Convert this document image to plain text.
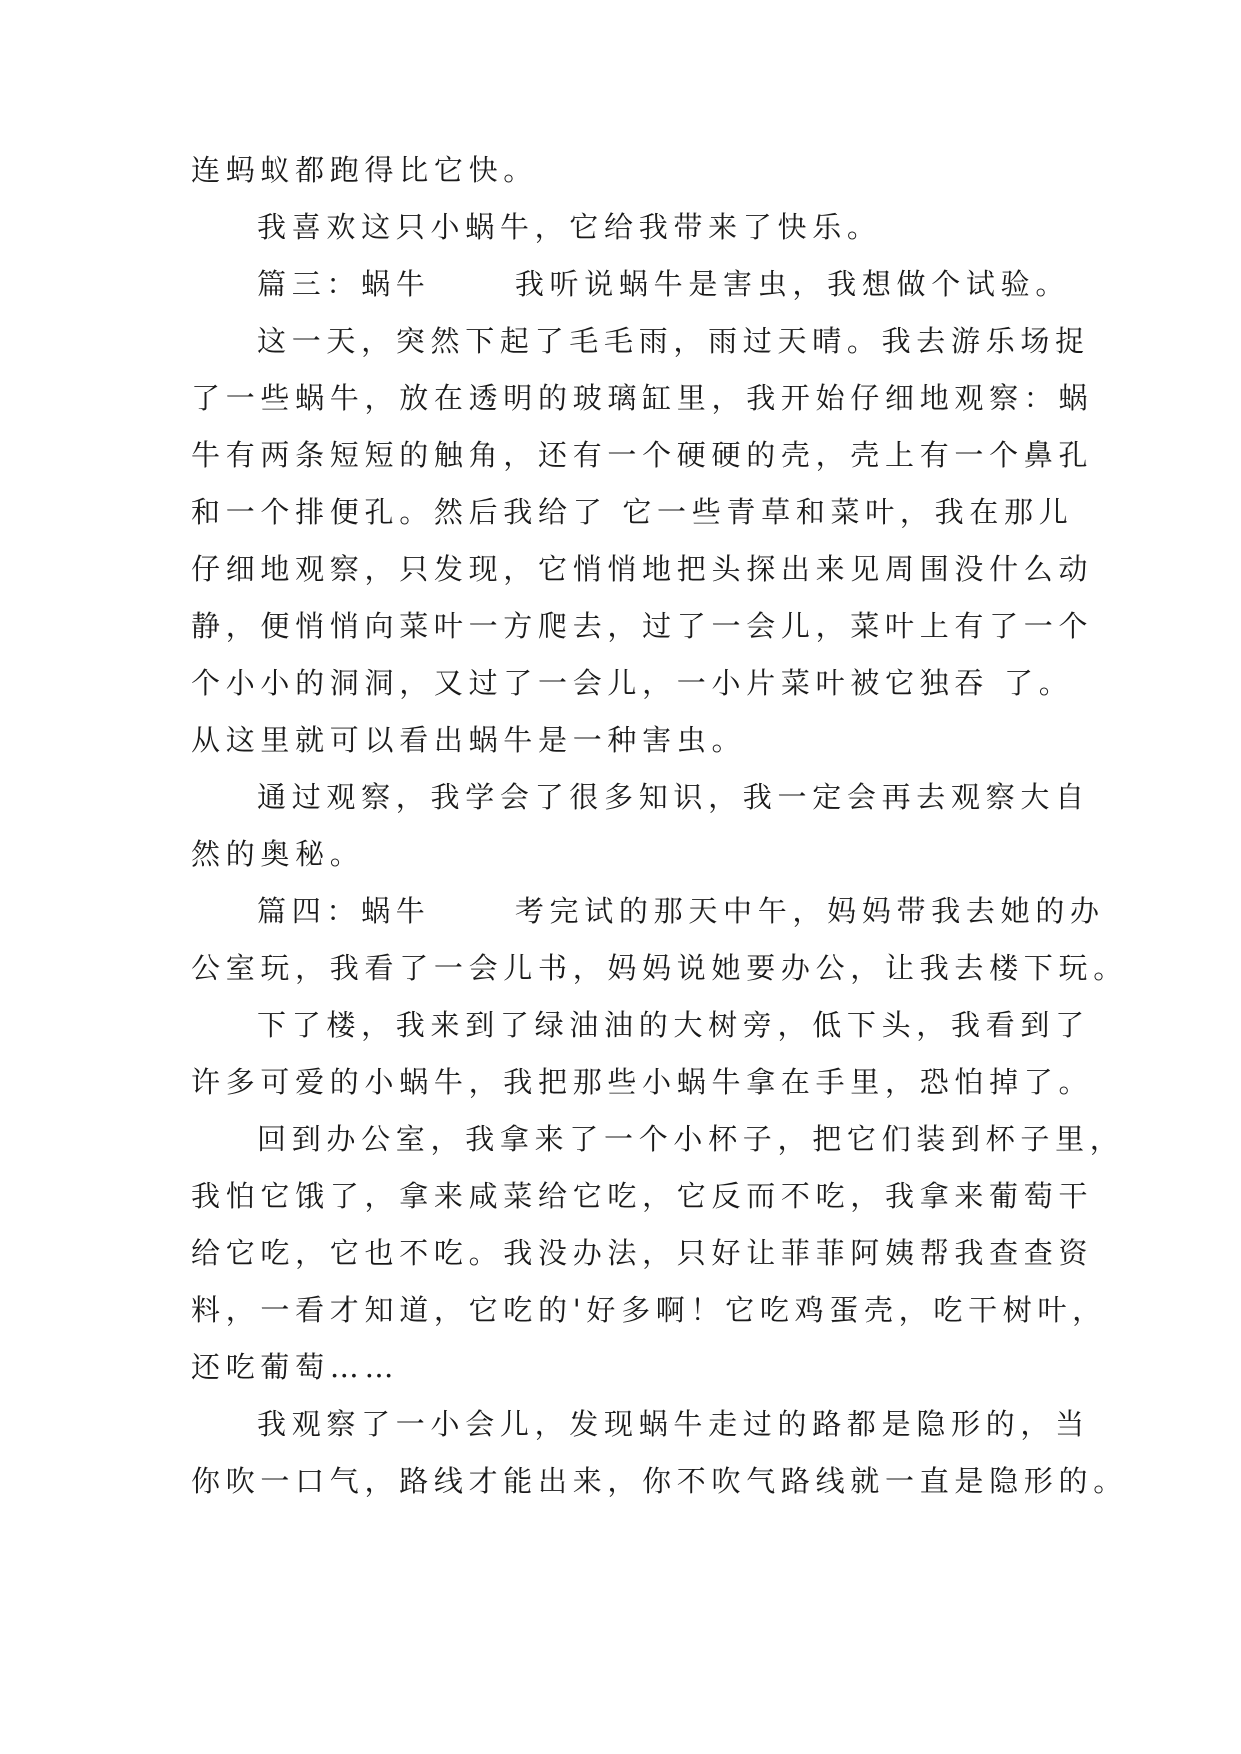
连蚂蚁都跑得比它快。
我喜欢这只小蜗牛，它给我带来了快乐。
篇三：蜗牛　　 我听说蜗牛是害虫，我想做个试验。
这一天，突然下起了毛毛雨，雨过天晴。我去游乐场捉
了一些蜗牛，放在透明的玻璃缸里，我开始仔细地观察：蜗
牛有两条短短的触角，还有一个硬硬的壳，壳上有一个鼻孔
和一个排便孔。然后我给了 它一些青草和菜叶，我在那儿
仔细地观察，只发现，它悄悄地把头探出来见周围没什么动
静，便悄悄向菜叶一方爬去，过了一会儿，菜叶上有了一个
个小小的洞洞，又过了一会儿，一小片菜叶被它独吞 了。
从这里就可以看出蜗牛是一种害虫。
通过观察，我学会了很多知识，我一定会再去观察大自
然的奥秘。
篇四：蜗牛　　 考完试的那天中午，妈妈带我去她的办
公室玩，我看了一会儿书，妈妈说她要办公，让我去楼下玩。
下了楼，我来到了绿油油的大树旁，低下头，我看到了
许多可爱的小蜗牛，我把那些小蜗牛拿在手里，恐怕掉了。
回到办公室，我拿来了一个小杯子，把它们装到杯子里，
我怕它饿了，拿来咸菜给它吃，它反而不吃，我拿来葡萄干
给它吃，它也不吃。我没办法，只好让菲菲阿姨帮我查查资
料，一看才知道，它吃的'好多啊！它吃鸡蛋壳，吃干树叶，
还吃葡萄……
我观察了一小会儿，发现蜗牛走过的路都是隐形的，当
你吹一口气，路线才能出来，你不吹气路线就一直是隐形的。
